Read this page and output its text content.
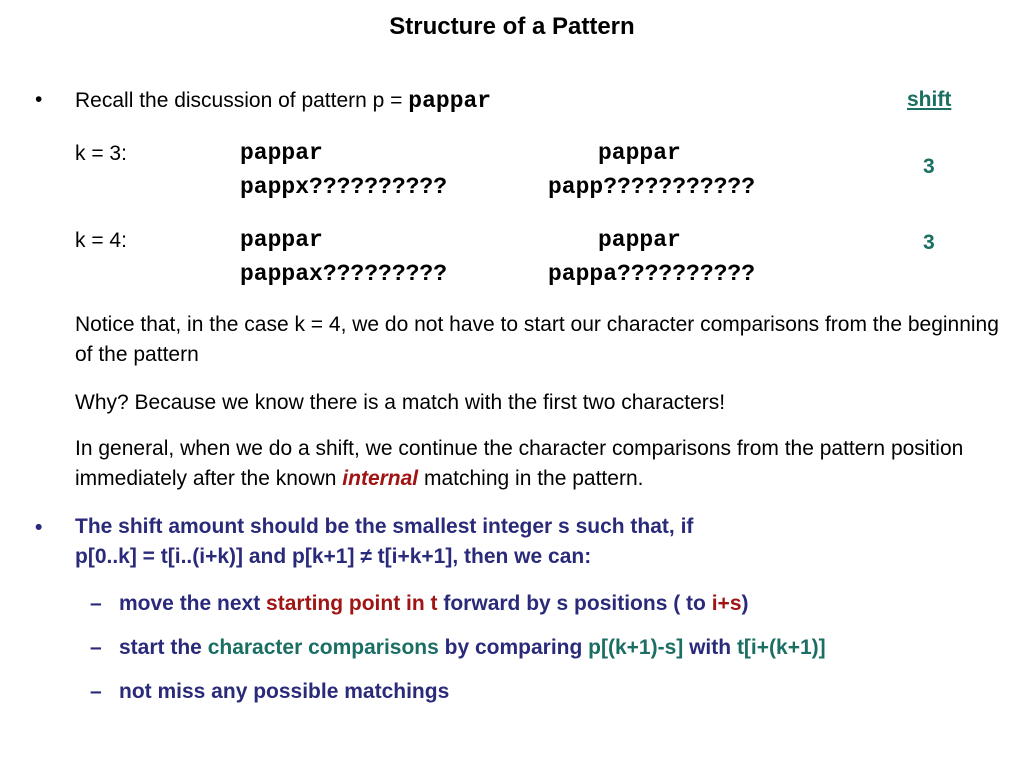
Structure of a Pattern
• Recall the discussion of pattern p = pappar	shift
k = 3:	pappar	pappar
pappx??????????	papp???????????
3
k = 4:	pappar	pappar
pappax?????????	pappa??????????
3
Notice that, in the case k = 4, we do not have to start our character comparisons from the beginning of the pattern
Why? Because we know there is a match with the first two characters!
In general, when we do a shift, we continue the character comparisons from the pattern position immediately after the known internal matching in the pattern.
• The shift amount should be the smallest integer s such that, if
p[0..k] = t[i..(i+k)] and p[k+1] ≠ t[i+k+1], then we can:
– move the next starting point in t forward by s positions ( to i+s)
– start the character comparisons by comparing p[(k+1)-s] with t[i+(k+1)]
– not miss any possible matchings
